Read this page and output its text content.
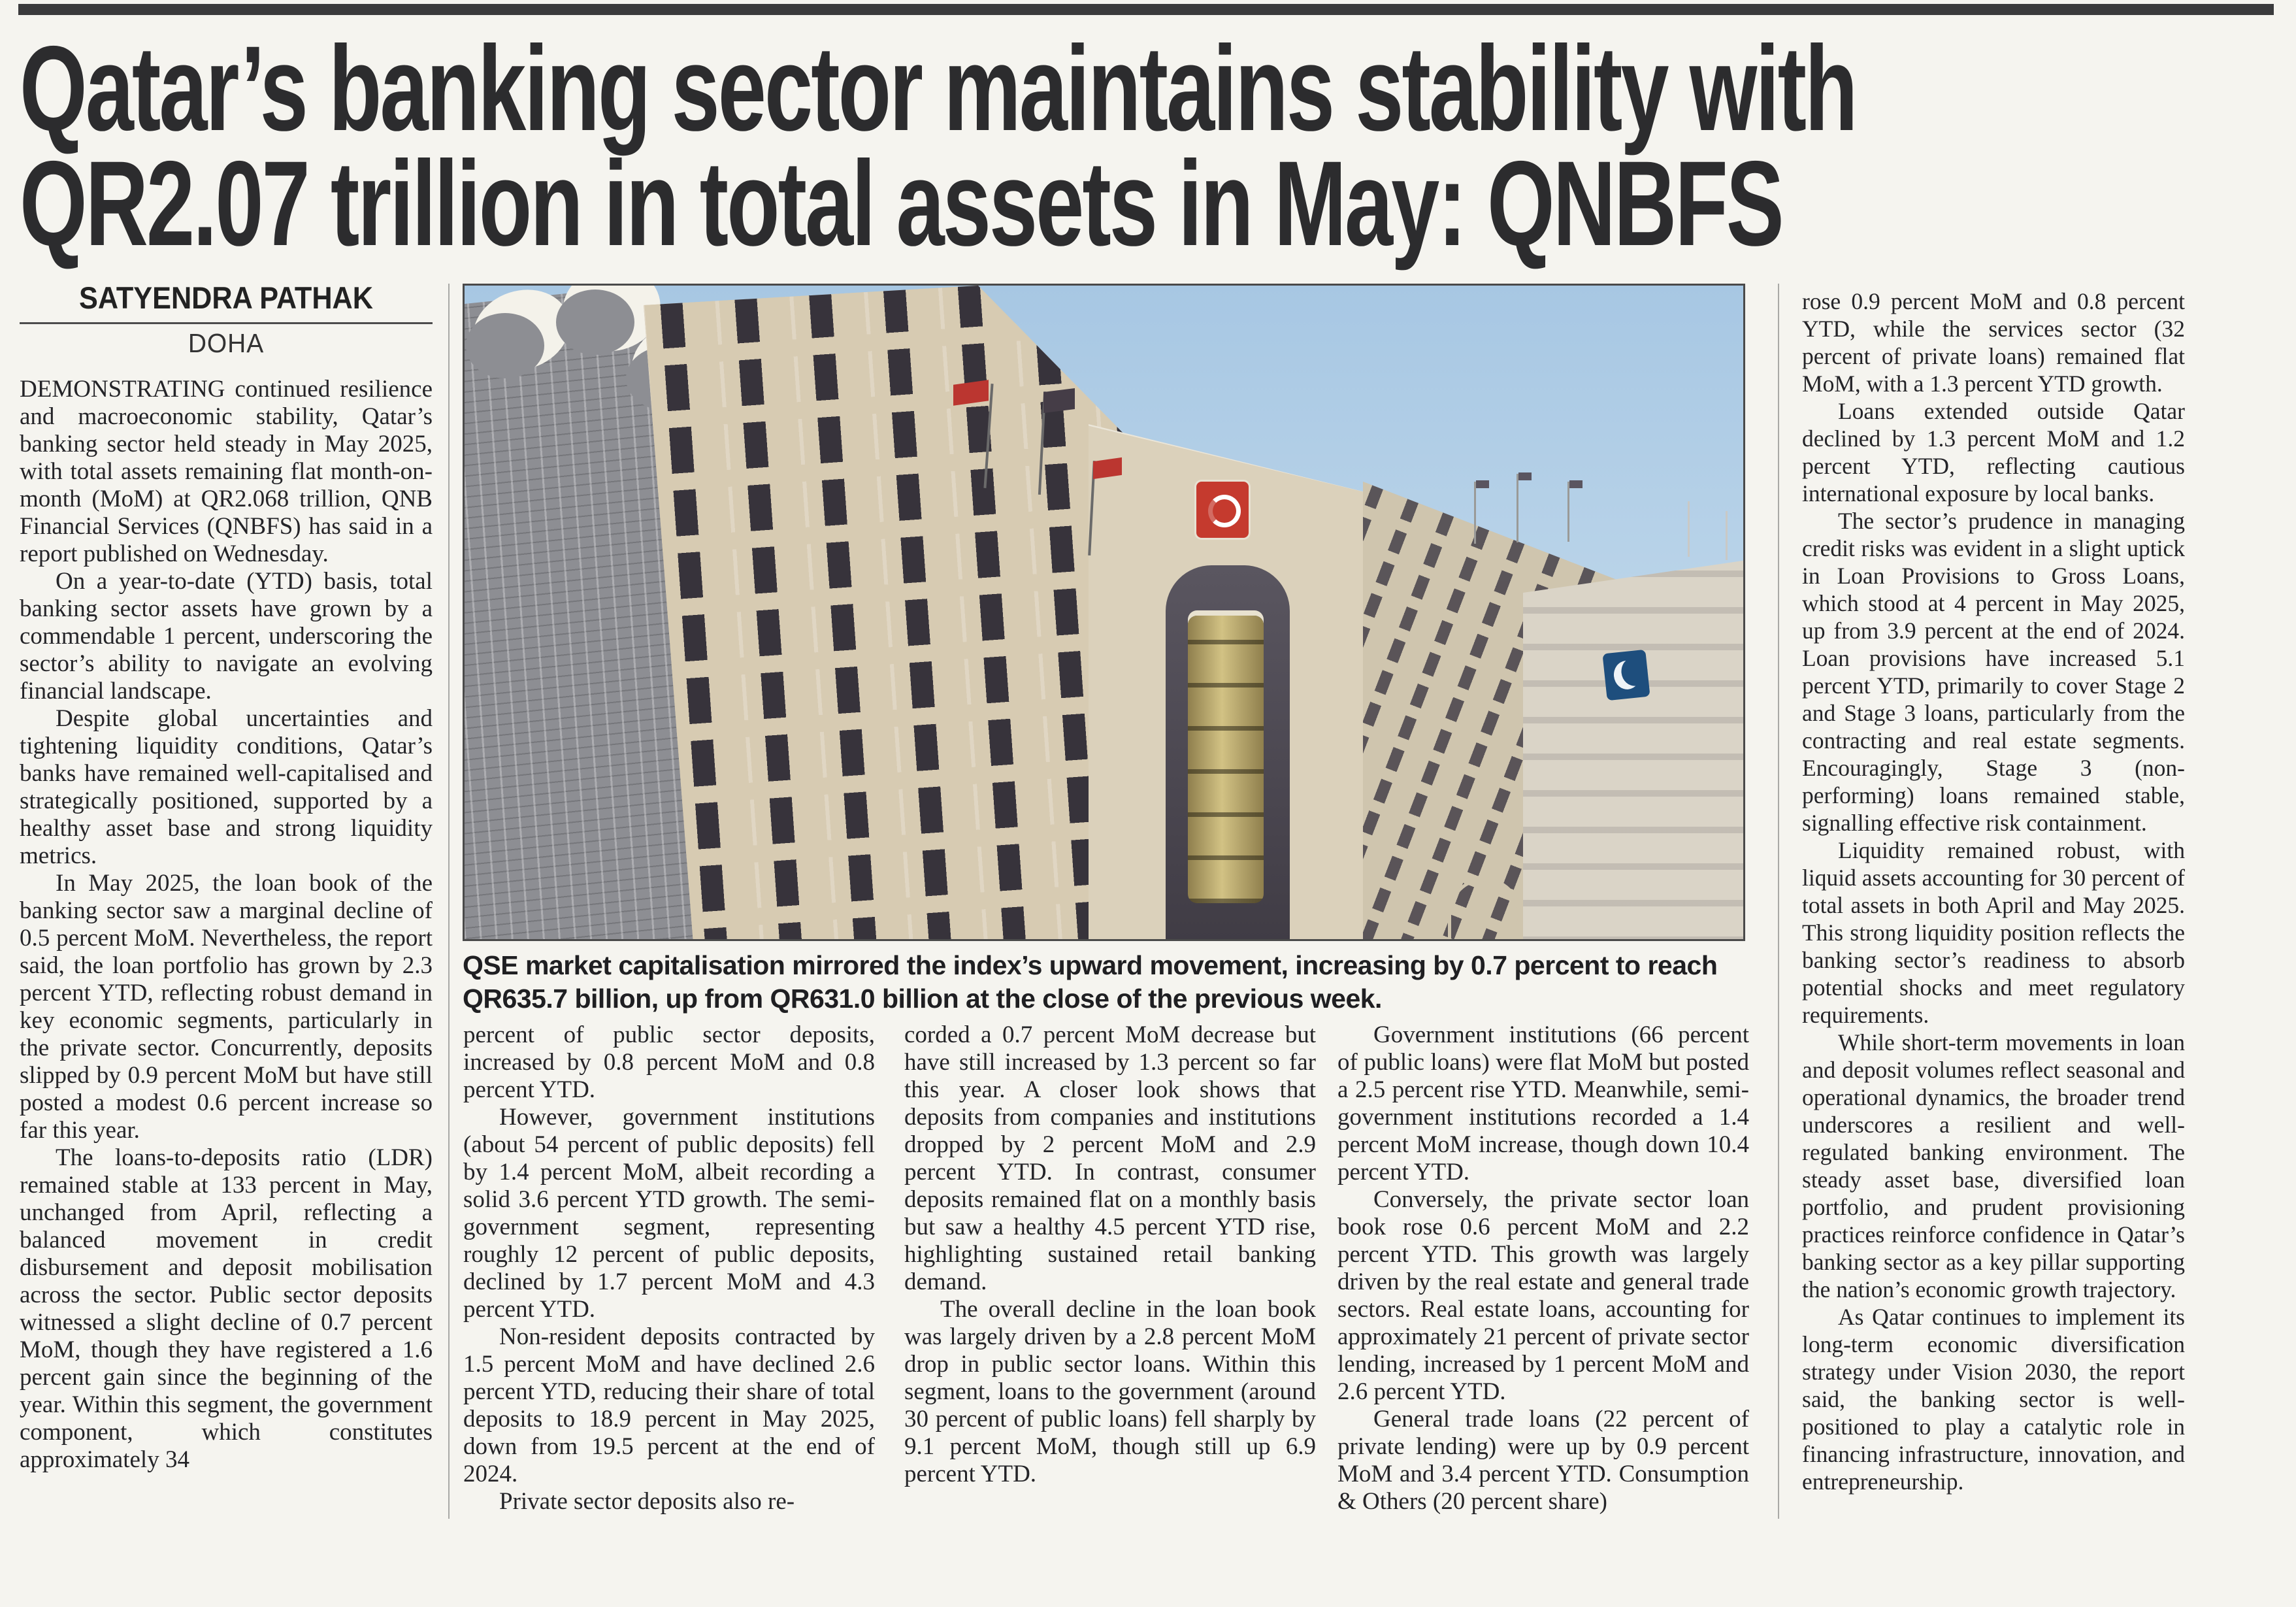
Qatar’s banking sector maintains stability with
QR2.07 trillion in total assets in May: QNBFS
SATYENDRA PATHAK
DOHA
QSE market capitalisation mirrored the index’s upward movement, increasing by 0.7 percent to reach QR635.7 billion, up from QR631.0 billion at the close of the previous week.

DEMONSTRATING continued resilience and macroeconomic stability, Qatar’s banking sector held steady in May 2025, with total assets remaining flat month-on-month (MoM) at QR2.068 trillion, QNB Financial Services (QNBFS) has said in a report published on Wednesday.

On a year-to-date (YTD) basis, total banking sector assets have grown by a commendable 1 percent, underscoring the sector’s ability to navigate an evolving financial landscape.

Despite global uncertainties and tightening liquidity conditions, Qatar’s banks have remained well-capitalised and strategically positioned, supported by a healthy asset base and strong liquidity metrics.

In May 2025, the loan book of the banking sector saw a marginal decline of 0.5 percent MoM. Nevertheless, the report said, the loan portfolio has grown by 2.3 percent YTD, reflecting robust demand in key economic segments, particularly in the private sector. Concurrently, deposits slipped by 0.9 percent MoM but have still posted a modest 0.6 percent increase so far this year.

The loans-to-deposits ratio (LDR) remained stable at 133 percent in May, unchanged from April, reflecting a balanced movement in credit disbursement and deposit mobilisation across the sector. Public sector deposits witnessed a slight decline of 0.7 percent MoM, though they have registered a 1.6 percent gain since the beginning of the year. Within this segment, the government component, which constitutes approximately 34

percent of public sector deposits, increased by 0.8 percent MoM and 0.8 percent YTD.

However, government institutions (about 54 percent of public deposits) fell by 1.4 percent MoM, albeit recording a solid 3.6 percent YTD growth. The semi-government segment, representing roughly 12 percent of public deposits, declined by 1.7 percent MoM and 4.3 percent YTD.

Non-resident deposits contracted by 1.5 percent MoM and have declined 2.6 percent YTD, reducing their share of total deposits to 18.9 percent in May 2025, down from 19.5 percent at the end of 2024.

Private sector deposits also re-

corded a 0.7 percent MoM decrease but have still increased by 1.3 percent so far this year. A closer look shows that deposits from companies and institutions dropped by 2 percent MoM and 2.9 percent YTD. In contrast, consumer deposits remained flat on a monthly basis but saw a healthy 4.5 percent YTD rise, highlighting sustained retail banking demand.

The overall decline in the loan book was largely driven by a 2.8 percent MoM drop in public sector loans. Within this segment, loans to the government (around 30 percent of public loans) fell sharply by 9.1 percent MoM, though still up 6.9 percent YTD.

Government institutions (66 percent of public loans) were flat MoM but posted a 2.5 percent rise YTD. Meanwhile, semi-government institutions recorded a 1.4 percent MoM increase, though down 10.4 percent YTD.

Conversely, the private sector loan book rose 0.6 percent MoM and 2.2 percent YTD. This growth was largely driven by the real estate and general trade sectors. Real estate loans, accounting for approximately 21 percent of private sector lending, increased by 1 percent MoM and 2.6 percent YTD.

General trade loans (22 percent of private lending) were up by 0.9 percent MoM and 3.4 percent YTD. Consumption & Others (20 percent share)

rose 0.9 percent MoM and 0.8 percent YTD, while the services sector (32 percent of private loans) remained flat MoM, with a 1.3 percent YTD growth.

Loans extended outside Qatar declined by 1.3 percent MoM and 1.2 percent YTD, reflecting cautious international exposure by local banks.

The sector’s prudence in managing credit risks was evident in a slight uptick in Loan Provisions to Gross Loans, which stood at 4 percent in May 2025, up from 3.9 percent at the end of 2024. Loan provisions have increased 5.1 percent YTD, primarily to cover Stage 2 and Stage 3 loans, particularly from the contracting and real estate segments. Encouragingly, Stage 3 (non-performing) loans remained stable, signalling effective risk containment.

Liquidity remained robust, with liquid assets accounting for 30 percent of total assets in both April and May 2025. This strong liquidity position reflects the banking sector’s readiness to absorb potential shocks and meet regulatory requirements.

While short-term movements in loan and deposit volumes reflect seasonal and operational dynamics, the broader trend underscores a resilient and well-regulated banking environment. The steady asset base, diversified loan portfolio, and prudent provisioning practices reinforce confidence in Qatar’s banking sector as a key pillar supporting the nation’s economic growth trajectory.

As Qatar continues to implement its long-term economic diversification strategy under Vision 2030, the report said, the banking sector is well-positioned to play a catalytic role in financing infrastructure, innovation, and entrepreneurship.
